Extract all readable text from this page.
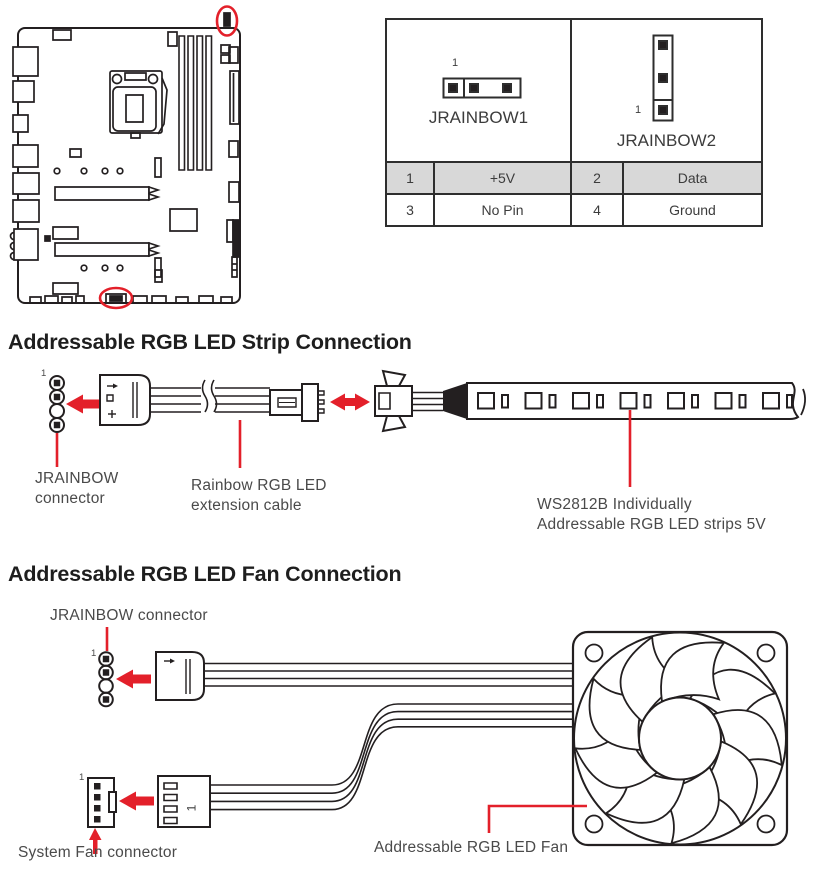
1
JRAINBOW1		1
JRAINBOW2	

1	+5V	2	Data
3	No Pin	4	Ground
Addressable RGB LED Strip Connection
1
JRAINBOW
connector
Rainbow RGB LED
extension cable	WS2812B Individually
Addressable RGB LED strips 5V
Addressable RGB LED Fan Connection
JRAINBOW connector
1
1
1
System Fan connector	Addressable RGB LED Fan
